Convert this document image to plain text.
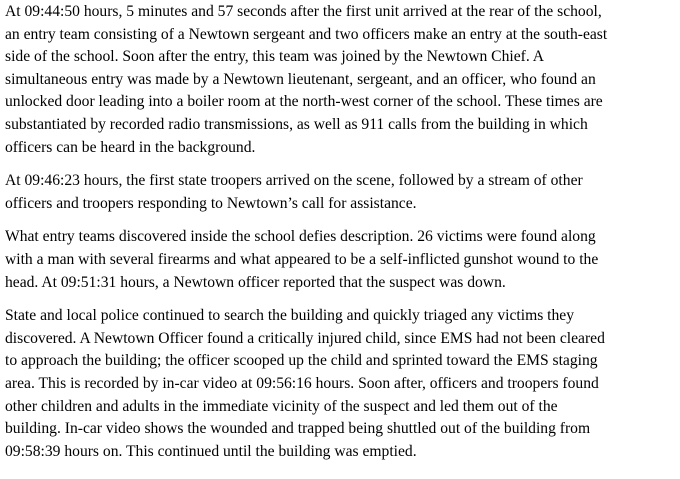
At 09:44:50 hours, 5 minutes and 57 seconds after the first unit arrived at the rear of the school,
an entry team consisting of a Newtown sergeant and two officers make an entry at the south-east
side of the school. Soon after the entry, this team was joined by the Newtown Chief. A
simultaneous entry was made by a Newtown lieutenant, sergeant, and an officer, who found an
unlocked door leading into a boiler room at the north-west corner of the school. These times are
substantiated by recorded radio transmissions, as well as 911 calls from the building in which
officers can be heard in the background.

At 09:46:23 hours, the first state troopers arrived on the scene, followed by a stream of other
officers and troopers responding to Newtown’s call for assistance.

What entry teams discovered inside the school defies description. 26 victims were found along
with a man with several firearms and what appeared to be a self-inflicted gunshot wound to the
head. At 09:51:31 hours, a Newtown officer reported that the suspect was down.

State and local police continued to search the building and quickly triaged any victims they
discovered. A Newtown Officer found a critically injured child, since EMS had not been cleared
to approach the building; the officer scooped up the child and sprinted toward the EMS staging
area. This is recorded by in-car video at 09:56:16 hours. Soon after, officers and troopers found
other children and adults in the immediate vicinity of the suspect and led them out of the
building. In-car video shows the wounded and trapped being shuttled out of the building from
09:58:39 hours on. This continued until the building was emptied.
